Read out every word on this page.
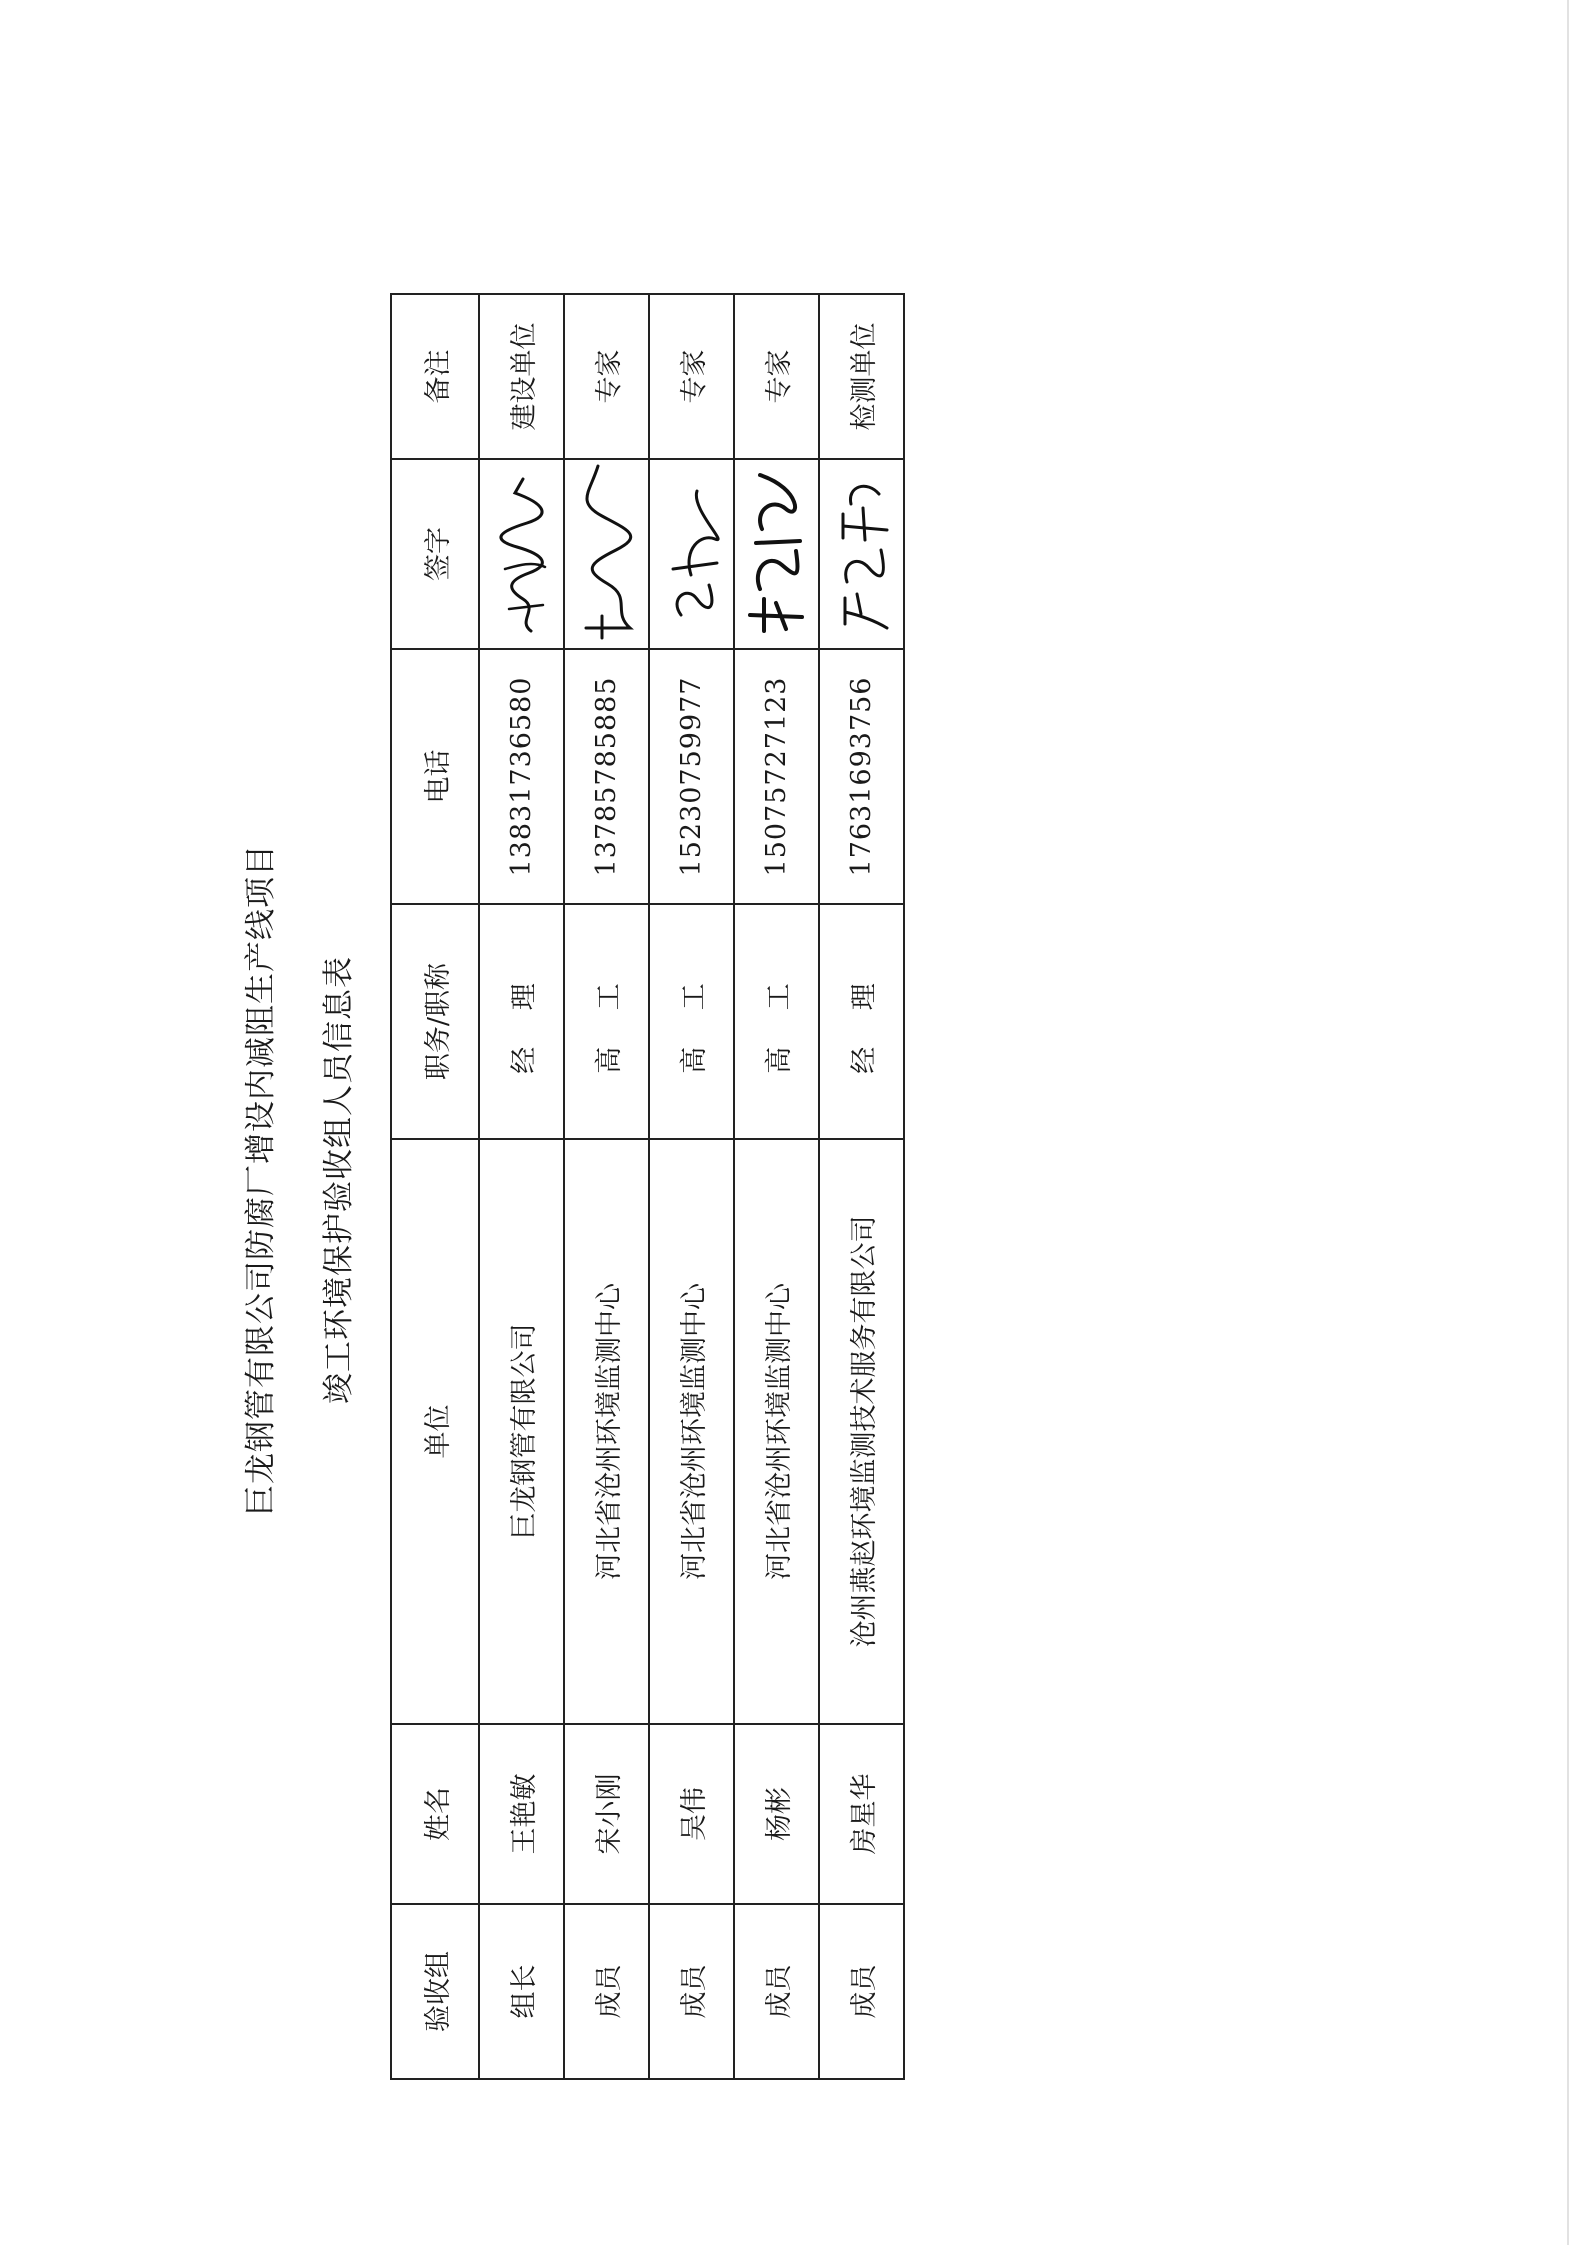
巨龙钢管有限公司防腐厂增设内减阻生产线项目 竣工环境保护验收组人员信息表
验收组	姓名	单位	职务/职称	电话	签字	备注
组长	王艳敏	巨龙钢管有限公司	经 理	13831736580		建设单位
成员	宋小刚	河北省沧州环境监测中心	高 工	13785785885		专家
成员	吴伟	河北省沧州环境监测中心	高 工	15230759977		专家
成员	杨彬	河北省沧州环境监测中心	高 工	15075727123		专家
成员	房星华	沧州燕赵环境监测技术服务有限公司	经 理	17631693756		检测单位
